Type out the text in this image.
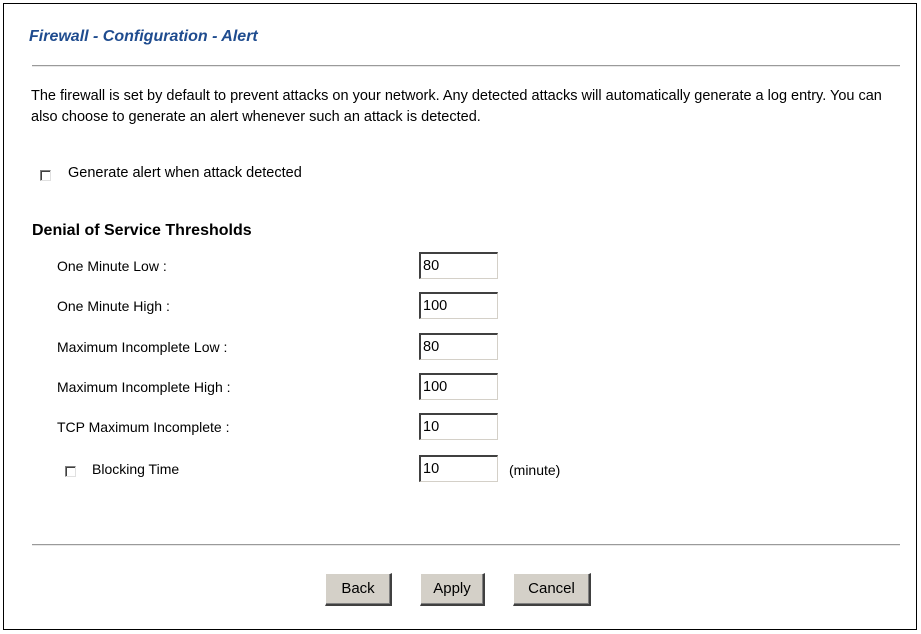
Firewall - Configuration - Alert
The firewall is set by default to prevent attacks on your network. Any detected attacks will automatically generate a log entry. You can also choose to generate an alert whenever such an attack is detected.
Generate alert when attack detected
Denial of Service Thresholds
One Minute Low :	80
One Minute High :	100
Maximum Incomplete Low :	80
Maximum Incomplete High :	100
TCP Maximum Incomplete :	10
Blocking Time	10	(minute)
Back	Apply	Cancel
